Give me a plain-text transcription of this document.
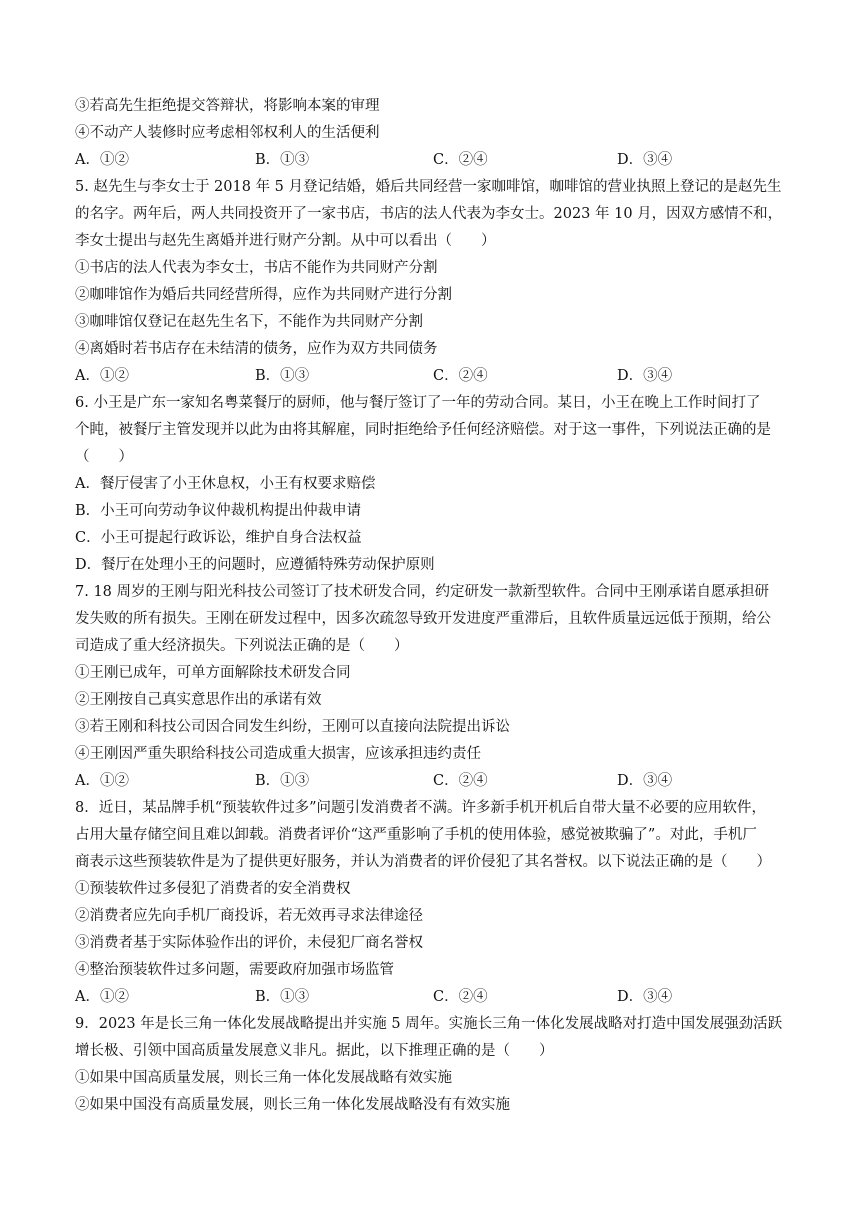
③若高先生拒绝提交答辩状，将影响本案的审理
④不动产人装修时应考虑相邻权利人的生活便利
A．①②	B．①③	C．②④	D．③④
5. 赵先生与李女士于 2018 年 5 月登记结婚，婚后共同经营一家咖啡馆，咖啡馆的营业执照上登记的是赵先生
的名字。两年后，两人共同投资开了一家书店，书店的法人代表为李女士。2023 年 10 月，因双方感情不和，
李女士提出与赵先生离婚并进行财产分割。从中可以看出（　　）
①书店的法人代表为李女士，书店不能作为共同财产分割
②咖啡馆作为婚后共同经营所得，应作为共同财产进行分割
③咖啡馆仅登记在赵先生名下，不能作为共同财产分割
④离婚时若书店存在未结清的债务，应作为双方共同债务
A．①②	B．①③	C．②④	D．③④
6. 小王是广东一家知名粤菜餐厅的厨师，他与餐厅签订了一年的劳动合同。某日，小王在晚上工作时间打了
个盹，被餐厅主管发现并以此为由将其解雇，同时拒绝给予任何经济赔偿。对于这一事件，下列说法正确的是
（　　）
A．餐厅侵害了小王休息权，小王有权要求赔偿
B．小王可向劳动争议仲裁机构提出仲裁申请
C．小王可提起行政诉讼，维护自身合法权益
D．餐厅在处理小王的问题时，应遵循特殊劳动保护原则
7. 18 周岁的王刚与阳光科技公司签订了技术研发合同，约定研发一款新型软件。合同中王刚承诺自愿承担研
发失败的所有损失。王刚在研发过程中，因多次疏忽导致开发进度严重滞后，且软件质量远远低于预期，给公
司造成了重大经济损失。下列说法正确的是（　　）
①王刚已成年，可单方面解除技术研发合同
②王刚按自己真实意思作出的承诺有效
③若王刚和科技公司因合同发生纠纷，王刚可以直接向法院提出诉讼
④王刚因严重失职给科技公司造成重大损害，应该承担违约责任
A．①②	B．①③	C．②④	D．③④
8．近日，某品牌手机“预装软件过多”问题引发消费者不满。许多新手机开机后自带大量不必要的应用软件，
占用大量存储空间且难以卸载。消费者评价“这严重影响了手机的使用体验，感觉被欺骗了”。对此，手机厂
商表示这些预装软件是为了提供更好服务，并认为消费者的评价侵犯了其名誉权。以下说法正确的是（　　）
①预装软件过多侵犯了消费者的安全消费权
②消费者应先向手机厂商投诉，若无效再寻求法律途径
③消费者基于实际体验作出的评价，未侵犯厂商名誉权
④整治预装软件过多问题，需要政府加强市场监管
A．①②	B．①③	C．②④	D．③④
9．2023 年是长三角一体化发展战略提出并实施 5 周年。实施长三角一体化发展战略对打造中国发展强劲活跃
增长极、引领中国高质量发展意义非凡。据此，以下推理正确的是（　　）
①如果中国高质量发展，则长三角一体化发展战略有效实施
②如果中国没有高质量发展，则长三角一体化发展战略没有有效实施
